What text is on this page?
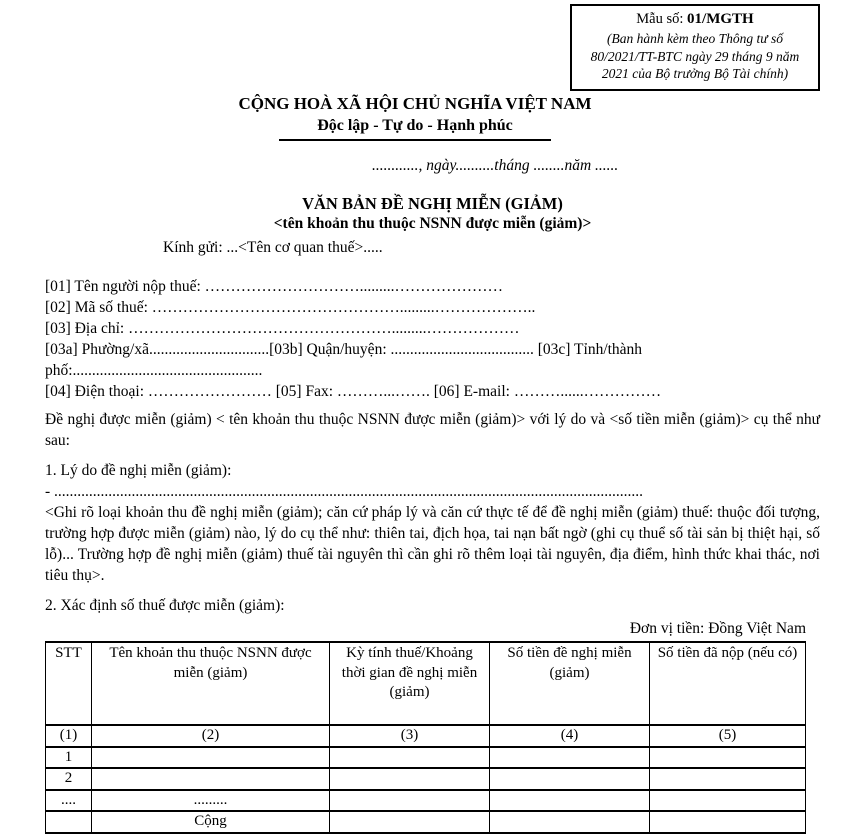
Mẫu số: 01/MGTH
(Ban hành kèm theo Thông tư số 80/2021/TT-BTC ngày 29 tháng 9 năm 2021 của Bộ trưởng Bộ Tài chính)
CỘNG HOÀ XÃ HỘI CHỦ NGHĨA VIỆT NAM
Độc lập - Tự do - Hạnh phúc
............, ngày..........tháng ........năm ......
VĂN BẢN ĐỀ NGHỊ MIỄN (GIẢM)
<tên khoản thu thuộc NSNN được miễn (giảm)>
Kính gửi: ...<Tên cơ quan thuế>.....
[01] Tên người nộp thuế: ………………………….........…………………
[02] Mã số thuế: ………………………………………….........………………..
[03] Địa chỉ: …………………………………………….........………………
[03a] Phường/xã...............................[03b] Quận/huyện: ..................................... [03c] Tỉnh/thành
phố:.................................................
[04] Điện thoại: …………………… [05] Fax: ………...……. [06] E-mail: ………......……………

Đề nghị được miễn (giảm) < tên khoản thu thuộc NSNN được miễn (giảm)> với lý do và <số tiền miễn (giảm)> cụ thể như sau:

1. Lý do đề nghị miễn (giảm):
- ........................................................................................................................................................

<Ghi rõ loại khoản thu đề nghị miễn (giảm); căn cứ pháp lý và căn cứ thực tế để đề nghị miễn (giảm) thuế: thuộc đối tượng, trường hợp được miễn (giảm) nào, lý do cụ thể như: thiên tai, địch họa, tai nạn bất ngờ (ghi cụ thuể số tài sản bị thiệt hại, số lỗ)... Trường hợp đề nghị miễn (giảm) thuế tài nguyên thì cần ghi rõ thêm loại tài nguyên, địa điểm, hình thức khai thác, nơi tiêu thụ>.

2. Xác định số thuế được miễn (giảm):
Đơn vị tiền: Đồng Việt Nam
STT	Tên khoản thu thuộc NSNN được miễn (giảm)	Kỳ tính thuế/Khoảng thời gian đề nghị miễn (giảm)	Số tiền đề nghị miễn (giảm)	Số tiền đã nộp (nếu có)
(1)	(2)	(3)	(4)	(5)
1				
2				
....	.........			
	Cộng			
